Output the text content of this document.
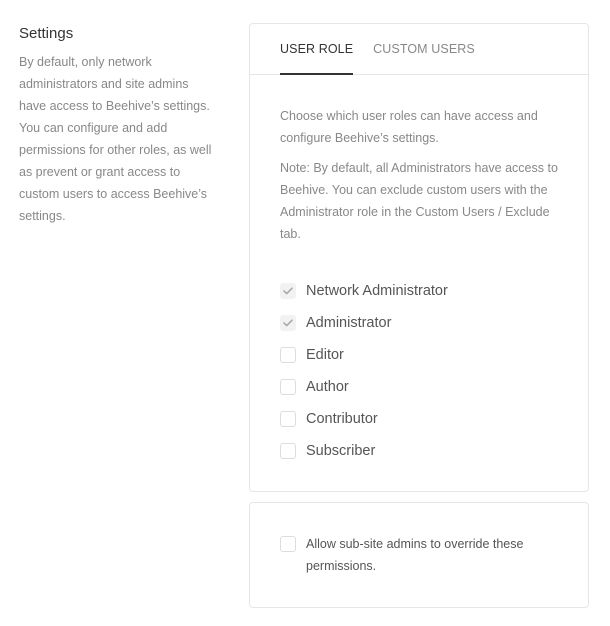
Settings
By default, only network administrators and site admins have access to Beehive’s settings. You can configure and add permissions for other roles, as well as prevent or grant access to custom users to access Beehive’s settings.
USER ROLE CUSTOM USERS

Choose which user roles can have access and configure Beehive’s settings.

Note: By default, all Administrators have access to Beehive. You can exclude custom users with the Administrator role in the Custom Users / Exclude tab.

Network Administrator
Administrator
Editor
Author
Contributor
Subscriber
Allow sub-site admins to override these permissions.
